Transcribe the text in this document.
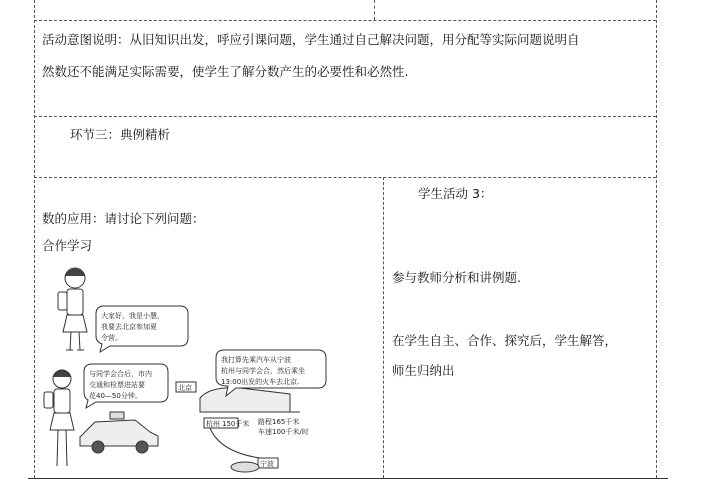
活动意图说明：从旧知识出发，呼应引课问题，学生通过自己解决问题，用分配等实际问题说明自
然数还不能满足实际需要，使学生了解分数产生的必要性和必然性.
环节三：典例精析
数的应用：请讨论下列问题：
合作学习
大家好，我是小慧，
我要去北京参加夏
令营。
与同学会合后，市内
交通和检票进站要
花40—50分钟。
我打算先乘汽车从宁波
杭州与同学会合，然后乘坐
13:00出发的火车去北京.
北京
杭州 150千米 路程165千米
车速100千米/时
宁波
学生活动 3：
参与教师分析和讲例题.
在学生自主、合作、探究后，学生解答，
师生归纳出
